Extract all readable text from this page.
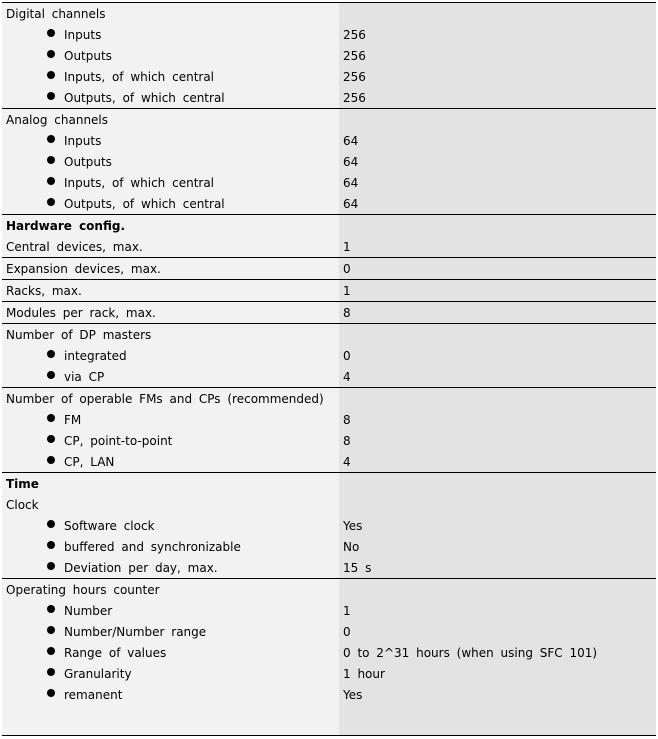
Digital channels
Inputs	256
Outputs	256
Inputs, of which central	256
Outputs, of which central	256
Analog channels
Inputs	64
Outputs	64
Inputs, of which central	64
Outputs, of which central	64
Hardware config.
Central devices, max.	1
Expansion devices, max.	0
Racks, max.	1
Modules per rack, max.	8
Number of DP masters
integrated	0
via CP	4
Number of operable FMs and CPs (recommended)
FM	8
CP, point-to-point	8
CP, LAN	4
Time
Clock
Software clock	Yes
buffered and synchronizable	No
Deviation per day, max.	15 s
Operating hours counter
Number	1
Number/Number range	0
Range of values	0 to 2^31 hours (when using SFC 101)
Granularity	1 hour
remanent	Yes
